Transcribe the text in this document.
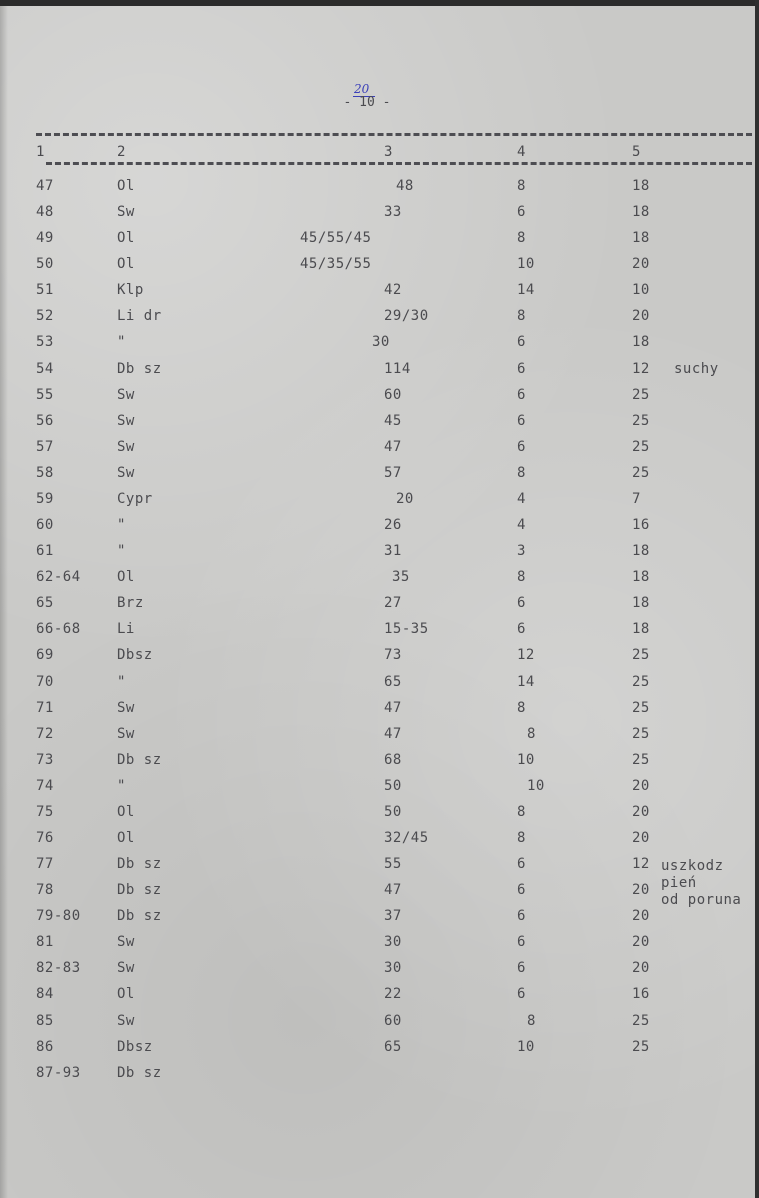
20
- 10 -
1	2	3	4	5
47	Ol	48	8	18
48	Sw	33	6	18
49	Ol	45/55/45	8	18
50	Ol	45/35/55	10	20
51	Klp	42	14	10
52	Li dr	29/30	8	20
53	"	30	6	18
54	Db sz	114	6	12 suchy
55	Sw	60	6	25
56	Sw	45	6	25
57	Sw	47	6	25
58	Sw	57	8	25
59	Cypr	20	4	7
60	"	26	4	16
61	"	31	3	18
62-64	Ol	35	8	18
65	Brz	27	6	18
66-68	Li	15-35	6	18
69	Dbsz	73	12	25
70	"	65	14	25
71	Sw	47	8	25
72	Sw	47	8	25
73	Db sz	68	10	25
74	"	50	10	20
75	Ol	50	8	20
76	Ol	32/45	8	20
77	Db sz	55	6	12
78	Db sz	47	6	20
79-80	Db sz	37	6	20
81	Sw	30	6	20
82-83	Sw	30	6	20
84	Ol	22	6	16
85	Sw	60	8	25
86	Dbsz	65	10	25
87-93	Db sz
uszkodz
pień
od poruna
